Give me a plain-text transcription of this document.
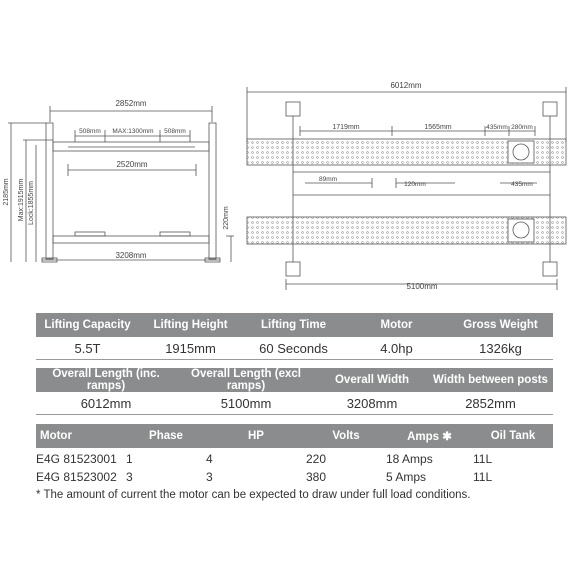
2852mm
508mm MAX:1300mm 508mm
2520mm
3208mm
2185mm Max:1915mm Lock:1855mm	220mm
6012mm
1719mm	1565mm	435mm 280mm
89mm
120mm	435mm
5100mm
Lifting Capacity	Lifting Height	Lifting Time	Motor	Gross Weight
5.5T	1915mm	60 Seconds	4.0hp	1326kg
Overall Length (inc. ramps)
Overall Length (excl ramps)	Overall Width	Width between posts
6012mm	5100mm	3208mm	2852mm
Motor	Phase	HP	Volts	Amps ✱	Oil Tank
E4G 81523001 1	4	220	18 Amps	11L
E4G 81523002 3	3	380	5 Amps	11L
* The amount of current the motor can be expected to draw under full load conditions.
